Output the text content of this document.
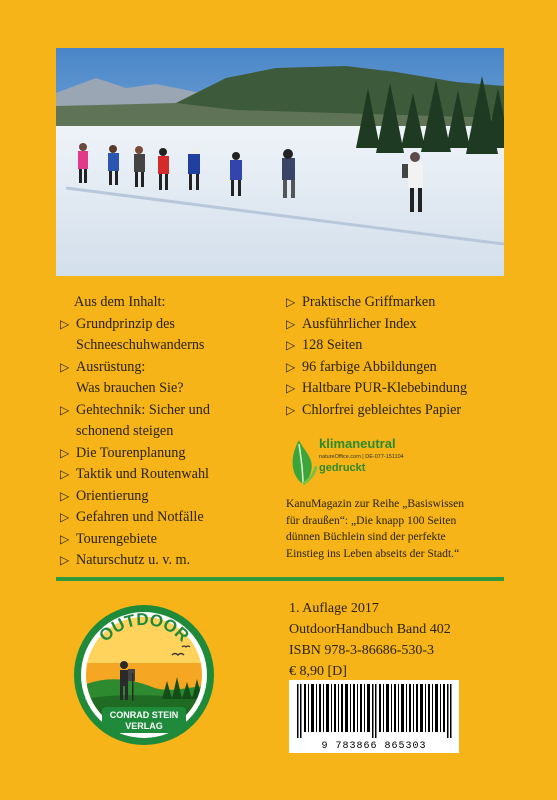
Aus dem Inhalt:
▷ Grundprinzip des
Schneeschuhwanderns
▷ Ausrüstung:
Was brauchen Sie?
▷ Gehtechnik: Sicher und
schonend steigen
▷ Die Tourenplanung
▷ Taktik und Routenwahl
▷ Orientierung
▷ Gefahren und Notfälle
▷ Tourengebiete
▷ Naturschutz u. v. m.
▷ Praktische Griffmarken
▷ Ausführlicher Index
▷ 128 Seiten
▷ 96 farbige Abbildungen
▷ Haltbare PUR-Klebebindung
▷ Chlorfrei gebleichtes Papier
klimaneutral
natureOffice.com | DE-077-151104
gedruckt
KanuMagazin zur Reihe „Basiswissen
für draußen“: „Die knapp 100 Seiten
dünnen Büchlein sind der perfekte
Einstieg ins Leben abseits der Stadt.“
OUTDOOR
CONRAD STEIN
VERLAG
1. Auflage 2017
OutdoorHandbuch Band 402
ISBN 978-3-86686-530-3
€ 8,90 [D]
9 783866 865303
